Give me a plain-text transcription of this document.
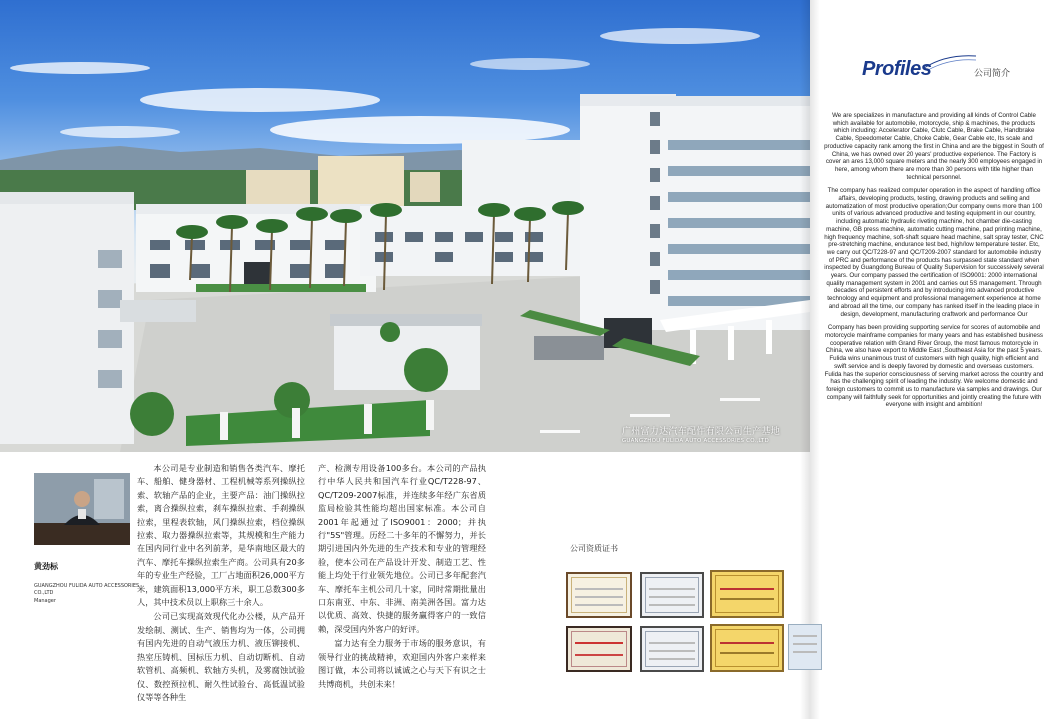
广州富力达汽车配件有限公司生产基地
GUANGZHOU FULIDA AUTO ACCESSORIES CO.,LTD
Profiles	公司简介

We are specializes in manufacture and providing all kinds of Control Cable which available for automobile, motorcycle, ship & machines, the products which including: Accelerator Cable, Clutc Cable, Brake Cable, Handbrake Cable, Speedometer Cable, Choke Cable, Gear Cable etc, Its scale and productive capacity rank among the first in China and are the biggest in South of China, we has owned over 20 years' productive experience. The Factory is cover an ares 13,000 square meters and the nearly 300 employees engaged in here, among whom there are more than 30 persons with title higher than technical personnel.

The company has realized computer operation in the aspect of handling office affairs, developing products, testing, drawing products and selling and automatization of most productive operation;Our company owns more than 100 units of various advanced productive and testing equipment in our country, including automatic hydraulic riveting machine, hot chamber die-casting machine, GB press machine, automatic cutting machine, pad printing machine, high frequency machine, soft-shaft square head machine, salt spray tester, CNC pre-stretching machine, endurance test bed, high/low temperature tester. Etc, we carry out QC/T228-97 and QC/T209-2007 standard for automobile industry of PRC and performance of the products has surpassed state standard when inspected by Guangdong Bureau of Quality Supervision for successively several years. Our company passed the certification of ISO9001: 2000 international quality management system in 2001 and carries out 5S management. Through decades of persistent efforts and by introducing into advanced productive technology and equipment and professional management experience at home and abroad all the time, our company has ranked itself in the leading place in design, development, manufacturing craftwork and performance Our

Company has been providing supporting service for scores of automobile and motorcycle mainframe companies for many years and has established business cooperative relation with Grand River Group, the most famous motorcycle in China, we also have export to Middle East ,Southeast Asia for the past 5 years. Fulida wins unanimous trust of customers with high quality, high efficient and swift service and is deeply favored by domestic and overseas customers.

Fulida has the superior consciousness of serving market across the country and has the challenging spirit of leading the industry. We welcome domestic and foreign customers to commit us to manufacture via samples and drawings. Our company will faithfully seek for opportunities and jointly creating the future with everyone with insight and ambition!

黄劲标
GUANGZHOU FULIDA AUTO ACCESSORIES CO.,LTD
Manager

本公司是专业制造和销售各类汽车、摩托车、船舶、健身器材、工程机械等系列操纵拉索、软轴产品的企业，主要产品：油门操纵拉索，离合操纵拉索，刹车操纵拉索、手刹操纵拉索，里程表软轴，风门操纵拉索，档位操纵拉索、取力器操纵拉索等，其规模和生产能力在国内同行业中名列前茅，是华南地区最大的汽车、摩托车操纵拉索生产商。公司具有20多年的专业生产经验，工厂占地面积26,000平方米，建筑面积13,000平方米，职工总数300多人，其中技术员以上职称三十余人。

公司已实现高效现代化办公楼，从产品开发绘制、测试、生产、销售均为一体，公司拥有国内先进的自动气液压力机、液压铆接机、热室压铸机、国标压力机、自动切断机、自动软管机、高频机、软轴方头机，及雾腐蚀试验仪、数控预拉机、耐久性试验台、高低温试验仪等等各种生

产、检测专用设备100多台。本公司的产品执行中华人民共和国汽车行业QC/T228-97、QC/T209-2007标准，并连续多年经广东省质监局检验其性能均超出国家标准。本公司自2001年起通过了ISO9001：2000；并执行"5S"管理。历经二十多年的不懈努力，并长期引进国内外先进的生产技术和专业的管理经验，使本公司在产品设计开发、制造工艺、性能上均处于行业领先地位。公司已多年配套汽车、摩托车主机公司几十家，同时常期批量出口东南亚、中东、非洲、南美洲各国。富力达以优质、高效、快捷的服务赢得客户的一致信赖，深受国内外客户的好评。

富力达有全力服务于市场的服务意识，有领导行业的挑战精神，欢迎国内外客户来样来图订做，本公司将以诚诚之心与天下有识之士共博商机，共创未来！

公司资质证书
